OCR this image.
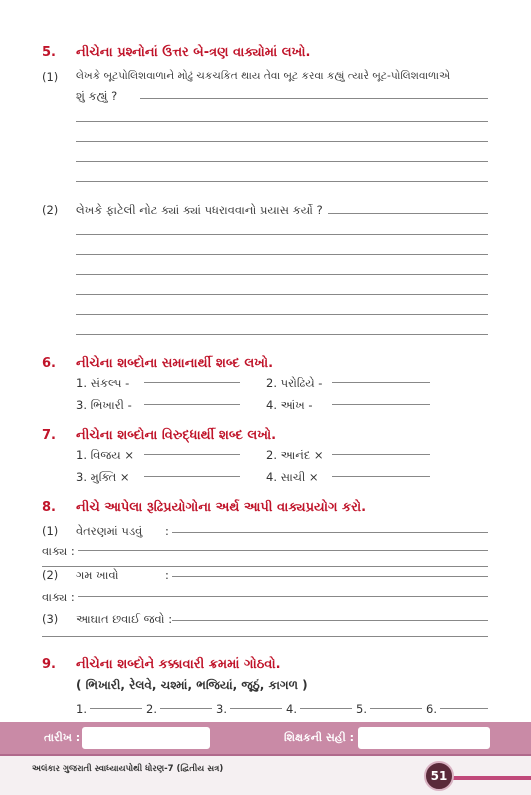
5. નીચેના પ્રશ્નોનાં ઉત્તર બે-ત્રણ વાક્યોમાં લખો.
(1) લેખકે બૂટપોલિશવાળાને મોઢું ચકચકિત થાય તેવા બૂટ કરવા કહ્યું ત્યારે બૂટ-પોલિશવાળાએ
શું કહ્યું ?
(2) લેખકે ફાટેલી નોટ ક્યાં ક્યાં પધરાવવાનો પ્રયાસ કર્યો ?
6. નીચેના શબ્દોના સમાનાર્થી શબ્દ લખો.
1. સંકલ્પ -	2. પરોઢિયે -
3. ભિખારી -	4. આંખ -
7. નીચેના શબ્દોના વિરુદ્ધાર્થી શબ્દ લખો.
1. વિજય ×	2. આનંદ ×
3. મુક્તિ ×	4. સાચી ×
8. નીચે આપેલા રૂઢિપ્રયોગોના અર્થ આપી વાક્યપ્રયોગ કરો.
(1) વેતરણમાં પડવું :
વાક્ય :
(2) ગમ ખાવો	:
વાક્ય :
(3) આઘાત છવાઈ જવો :
9. નીચેના શબ્દોને કક્કાવારી ક્રમમાં ગોઠવો.
( ભિખારી, રેલવે, ચશ્માં, ભજિયાં, જૂઠું, કાગળ )
1.	2.	3.	4.	5.	6.
તારીખ :	શિક્ષકની સહી :
અલંકાર ગુજરાતી સ્વાધ્યાયપોથી ધોરણ-7 (દ્વિતીય સત્ર)	51
